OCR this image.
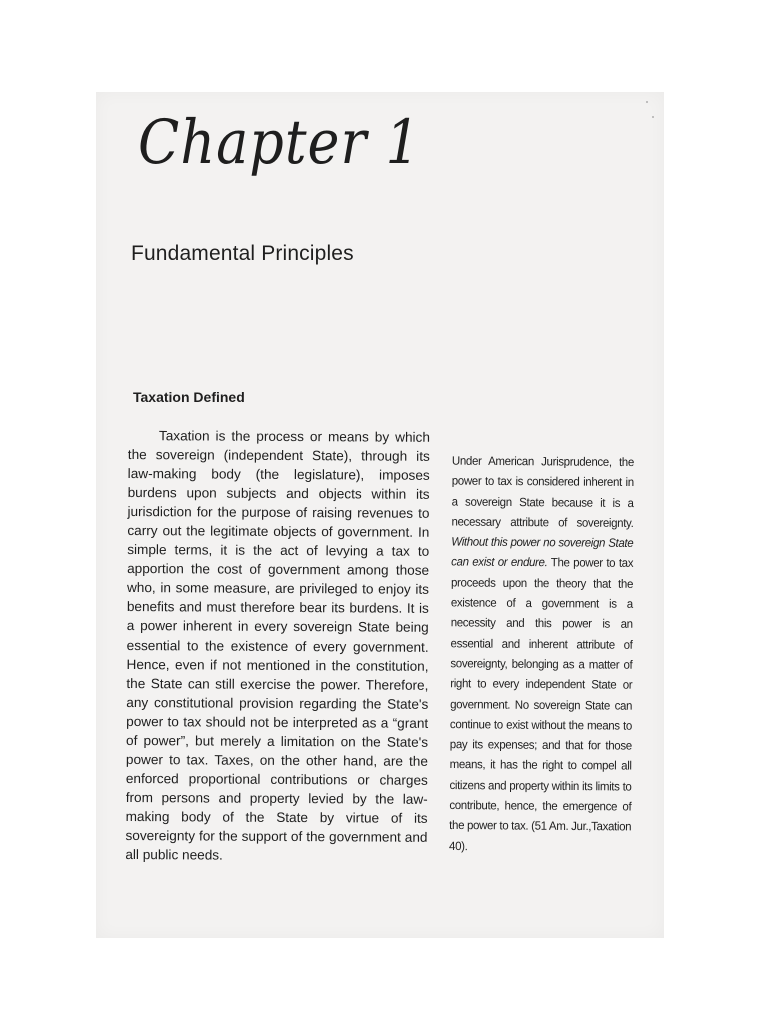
Chapter 1
Fundamental Principles
Taxation Defined

Taxation is the process or means by which the sovereign (independent State), through its law-making body (the legislature), imposes burdens upon subjects and objects within its jurisdiction for the purpose of raising revenues to carry out the legitimate objects of government. In simple terms, it is the act of levying a tax to apportion the cost of government among those who, in some measure, are privileged to enjoy its benefits and must therefore bear its burdens. It is a power inherent in every sovereign State being essential to the existence of every government. Hence, even if not mentioned in the constitution, the State can still exercise the power. Therefore, any constitutional provision regarding the State's power to tax should not be interpreted as a “grant of power”, but merely a limitation on the State's power to tax. Taxes, on the other hand, are the enforced proportional contributions or charges from persons and property levied by the law-making body of the State by virtue of its sovereignty for the support of the government and all public needs.

Under American Jurisprudence, the power to tax is considered inherent in a sovereign State because it is a necessary attribute of sovereignty. Without this power no sovereign State can exist or endure. The power to tax proceeds upon the theory that the existence of a government is a necessity and this power is an essential and inherent attribute of sovereignty, belonging as a matter of right to every independent State or government. No sovereign State can continue to exist without the means to pay its expenses; and that for those means, it has the right to compel all citizens and property within its limits to contribute, hence, the emergence of the power to tax. (51 Am. Jur.,Taxation 40).
